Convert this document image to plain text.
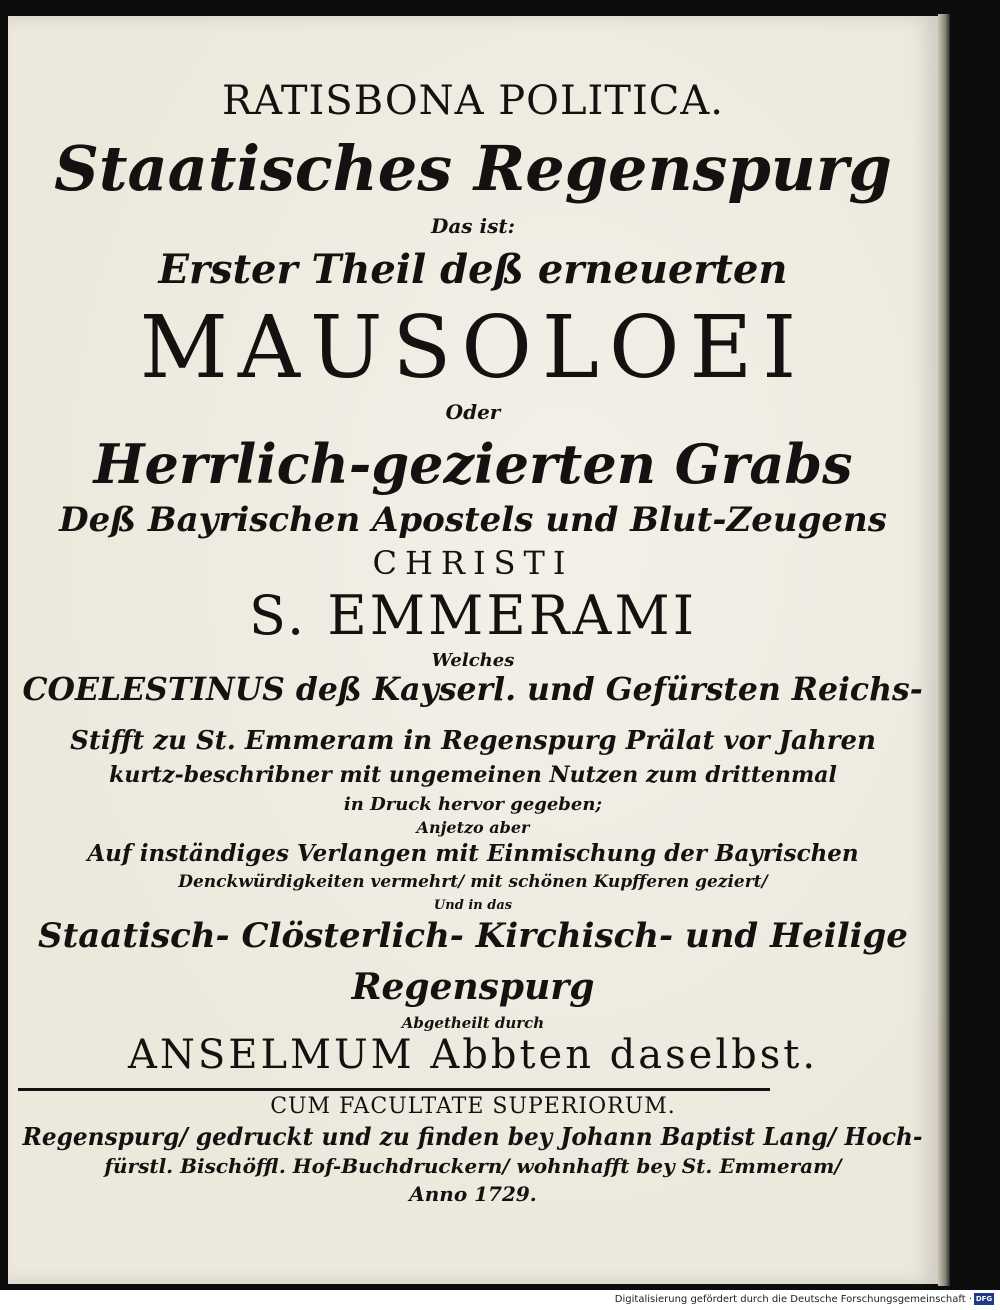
RATISBONA POLITICA.
Staatisches Regenspurg
Das ist:
Erster Theil deß erneuerten
MAUSOLOEI
Oder
Herrlich-gezierten Grabs
Deß Bayrischen Apostels und Blut-Zeugens
CHRISTI
S. EMMERAMI
Welches
COELESTINUS deß Kayserl. und Gefürsten Reichs-
Stifft zu St. Emmeram in Regenspurg Prälat vor Jahren
kurtz-beschribner mit ungemeinen Nutzen zum drittenmal
in Druck hervor gegeben;
Anjetzo aber
Auf inständiges Verlangen mit Einmischung der Bayrischen
Denckwürdigkeiten vermehrt/ mit schönen Kupfferen geziert/
Und in das
Staatisch- Clösterlich- Kirchisch- und Heilige
Regenspurg
Abgetheilt durch
ANSELMUM Abbten daselbst.
CUM FACULTATE SUPERIORUM.
Regenspurg/ gedruckt und zu finden bey Johann Baptist Lang/ Hoch-
fürstl. Bischöffl. Hof-Buchdruckern/ wohnhafft bey St. Emmeram/
Anno 1729.
Digitalisierung gefördert durch die Deutsche Forschungsgemeinschaft · DFG
